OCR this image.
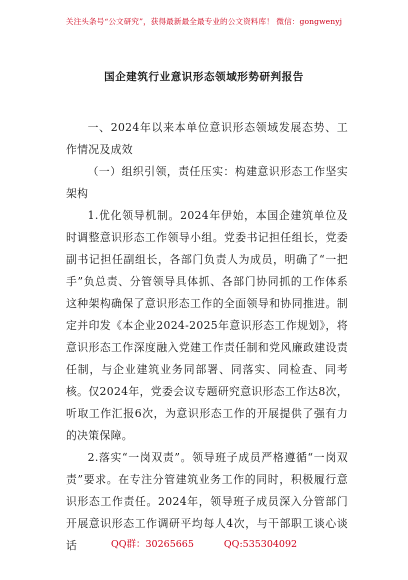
关注头条号“公文研究”，获得最新最全最专业的公文资料库！ 微信：gongwenyj
国企建筑行业意识形态领域形势研判报告

一、2024年以来本单位意识形态领域发展态势、工作情况及成效

（一）组织引领，责任压实：构建意识形态工作坚实架构

1.优化领导机制。2024年伊始，本国企建筑单位及时调整意识形态工作领导小组。党委书记担任组长，党委副书记担任副组长，各部门负责人为成员，明确了“一把手”负总责、分管领导具体抓、各部门协同抓的工作体系这种架构确保了意识形态工作的全面领导和协同推进。制定并印发《本企业2024-2025年意识形态工作规划》，将意识形态工作深度融入党建工作责任制和党风廉政建设责任制，与企业建筑业务同部署、同落实、同检查、同考核。仅2024年，党委会议专题研究意识形态工作达8次，听取工作汇报6次，为意识形态工作的开展提供了强有力的决策保障。

2.落实“一岗双责”。领导班子成员严格遵循“一岗双责”要求。在专注分管建筑业务工作的同时，积极履行意识形态工作责任。2024年，领导班子成员深入分管部门开展意识形态工作调研平均每人4次，与干部职工谈心谈话	QQ群：30265665	QQ:535304092
